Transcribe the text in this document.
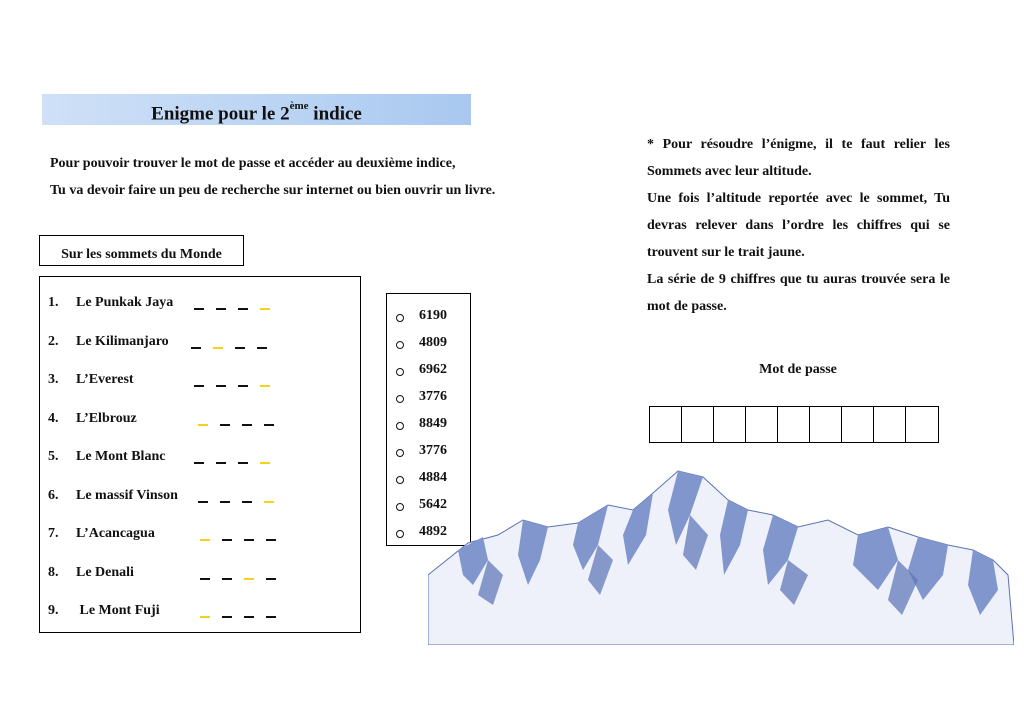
Enigme pour le 2ème indice
Pour pouvoir trouver le mot de passe et accéder au deuxième indice,
Tu va devoir faire un peu de recherche sur internet ou bien ouvrir un livre.
Sur les sommets du Monde
1. Le Punkak Jaya
2. Le Kilimanjaro
3. L’Everest
4. L’Elbrouz
5. Le Mont Blanc
6. Le massif Vinson
7. L’Acancagua
8. Le Denali
9. Le Mont Fuji
6190
4809
6962
3776
8849
3776
4884
5642
4892

* Pour résoudre l’énigme, il te faut relier les Sommets avec leur altitude.

Une fois l’altitude reportée avec le sommet, Tu devras relever dans l’ordre les chiffres qui se trouvent sur le trait jaune.

La série de 9 chiffres que tu auras trouvée sera le mot de passe.

Mot de passe
